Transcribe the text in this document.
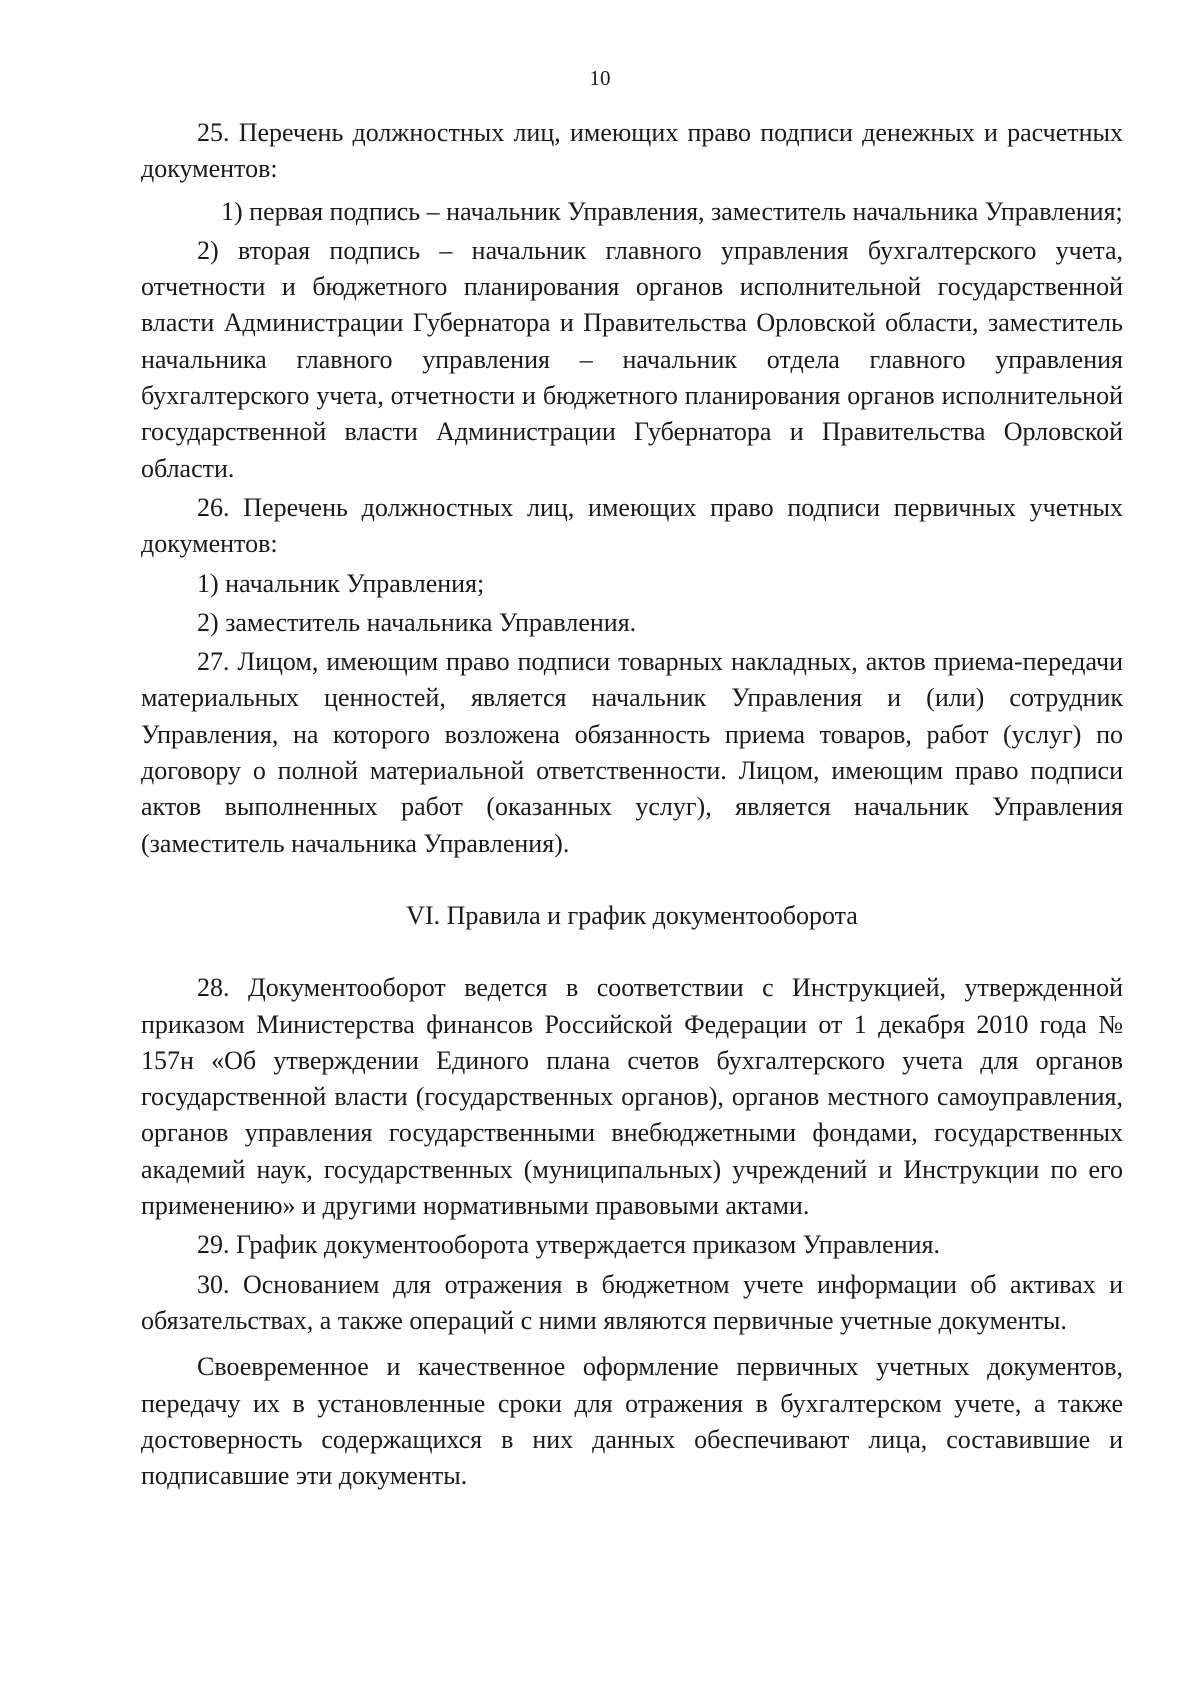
10

25. Перечень должностных лиц, имеющих право подписи денежных и расчетных документов:

1) первая подпись – начальник Управления, заместитель начальника Управления;

2) вторая подпись – начальник главного управления бухгалтерского учета, отчетности и бюджетного планирования органов исполнительной государственной власти Администрации Губернатора и Правительства Орловской области, заместитель начальника главного управления – начальник отдела главного управления бухгалтерского учета, отчетности и бюджетного планирования органов исполнительной государственной власти Администрации Губернатора и Правительства Орловской области.

26. Перечень должностных лиц, имеющих право подписи первичных учетных документов:

1) начальник Управления;

2) заместитель начальника Управления.

27. Лицом, имеющим право подписи товарных накладных, актов приема-передачи материальных ценностей, является начальник Управления и (или) сотрудник Управления, на которого возложена обязанность приема товаров, работ (услуг) по договору о полной материальной ответственности. Лицом, имеющим право подписи актов выполненных работ (оказанных услуг), является начальник Управления (заместитель начальника Управления).

VI. Правила и график документооборота

28. Документооборот ведется в соответствии с Инструкцией, утвержденной приказом Министерства финансов Российской Федерации от 1 декабря 2010 года № 157н «Об утверждении Единого плана счетов бухгалтерского учета для органов государственной власти (государственных органов), органов местного самоуправления, органов управления государственными внебюджетными фондами, государственных академий наук, государственных (муниципальных) учреждений и Инструкции по его применению» и другими нормативными правовыми актами.

29. График документооборота утверждается приказом Управления.

30. Основанием для отражения в бюджетном учете информации об активах и обязательствах, а также операций с ними являются первичные учетные документы.

Своевременное и качественное оформление первичных учетных документов, передачу их в установленные сроки для отражения в бухгалтерском учете, а также достоверность содержащихся в них данных обеспечивают лица, составившие и подписавшие эти документы.
